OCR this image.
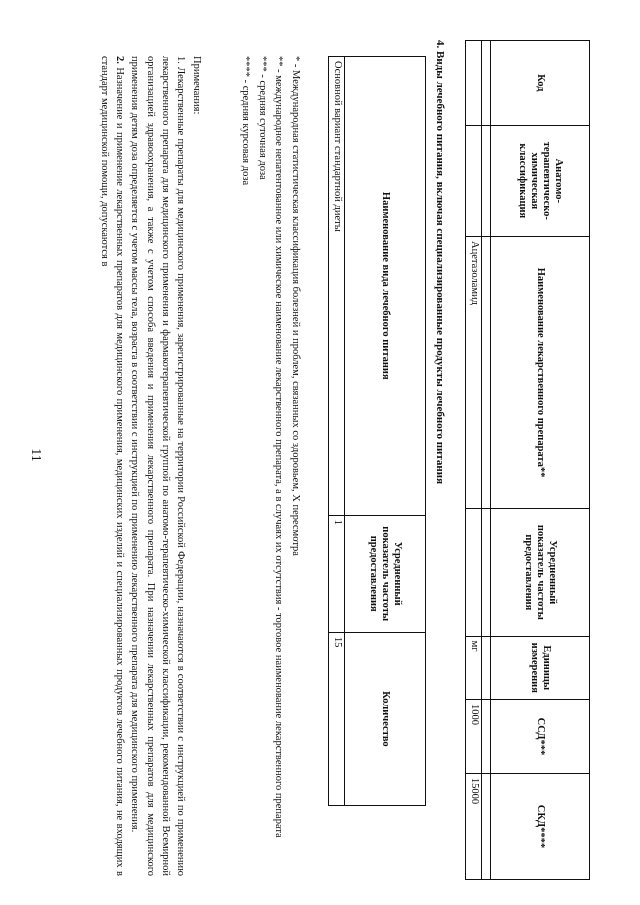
11
Код	Анатомо-терапевтическо-химическая классификация	Наименование лекарственного препарата**	Усредненный показатель частоты предоставления	Единицы измерения	ССД***	СКД****

		Ацетазоламид		мг	1000	15000
4. Виды лечебного питания, включая специализированные продукты лечебного питания
Наименование вида лечебного питания	Усредненный показатель частоты предоставления	Количество
Основной вариант стандартной диеты	1	15

* - Международная статистическая классификация болезней и проблем, связанных со здоровьем, X пересмотра

** - международное непатентованное или химическое наименование лекарственного препарата, а в случаях их отсутствия - торговое наименование лекарственного препарата

*** - средняя суточная доза

**** - средняя курсовая доза

Примечания:

1. Лекарственные препараты для медицинского применения, зарегистрированные на территории Российской Федерации, назначаются в соответствии с инструкцией по применению лекарственного препарата для медицинского применения и фармакотерапевтической группой по анатомо-терапевтическо-химической классификации, рекомендованной Всемирной организацией здравоохранения, а также с учетом способа введения и применения лекарственного препарата. При назначении лекарственных препаратов для медицинского применения детям доза определяется с учетом массы тела, возраста в соответствии с инструкцией по применению лекарственного препарата для медицинского применения.

2. Назначение и применение лекарственных препаратов для медицинского применения, медицинских изделий и специализированных продуктов лечебного питания, не входящих в стандарт медицинской помощи, допускаются в
